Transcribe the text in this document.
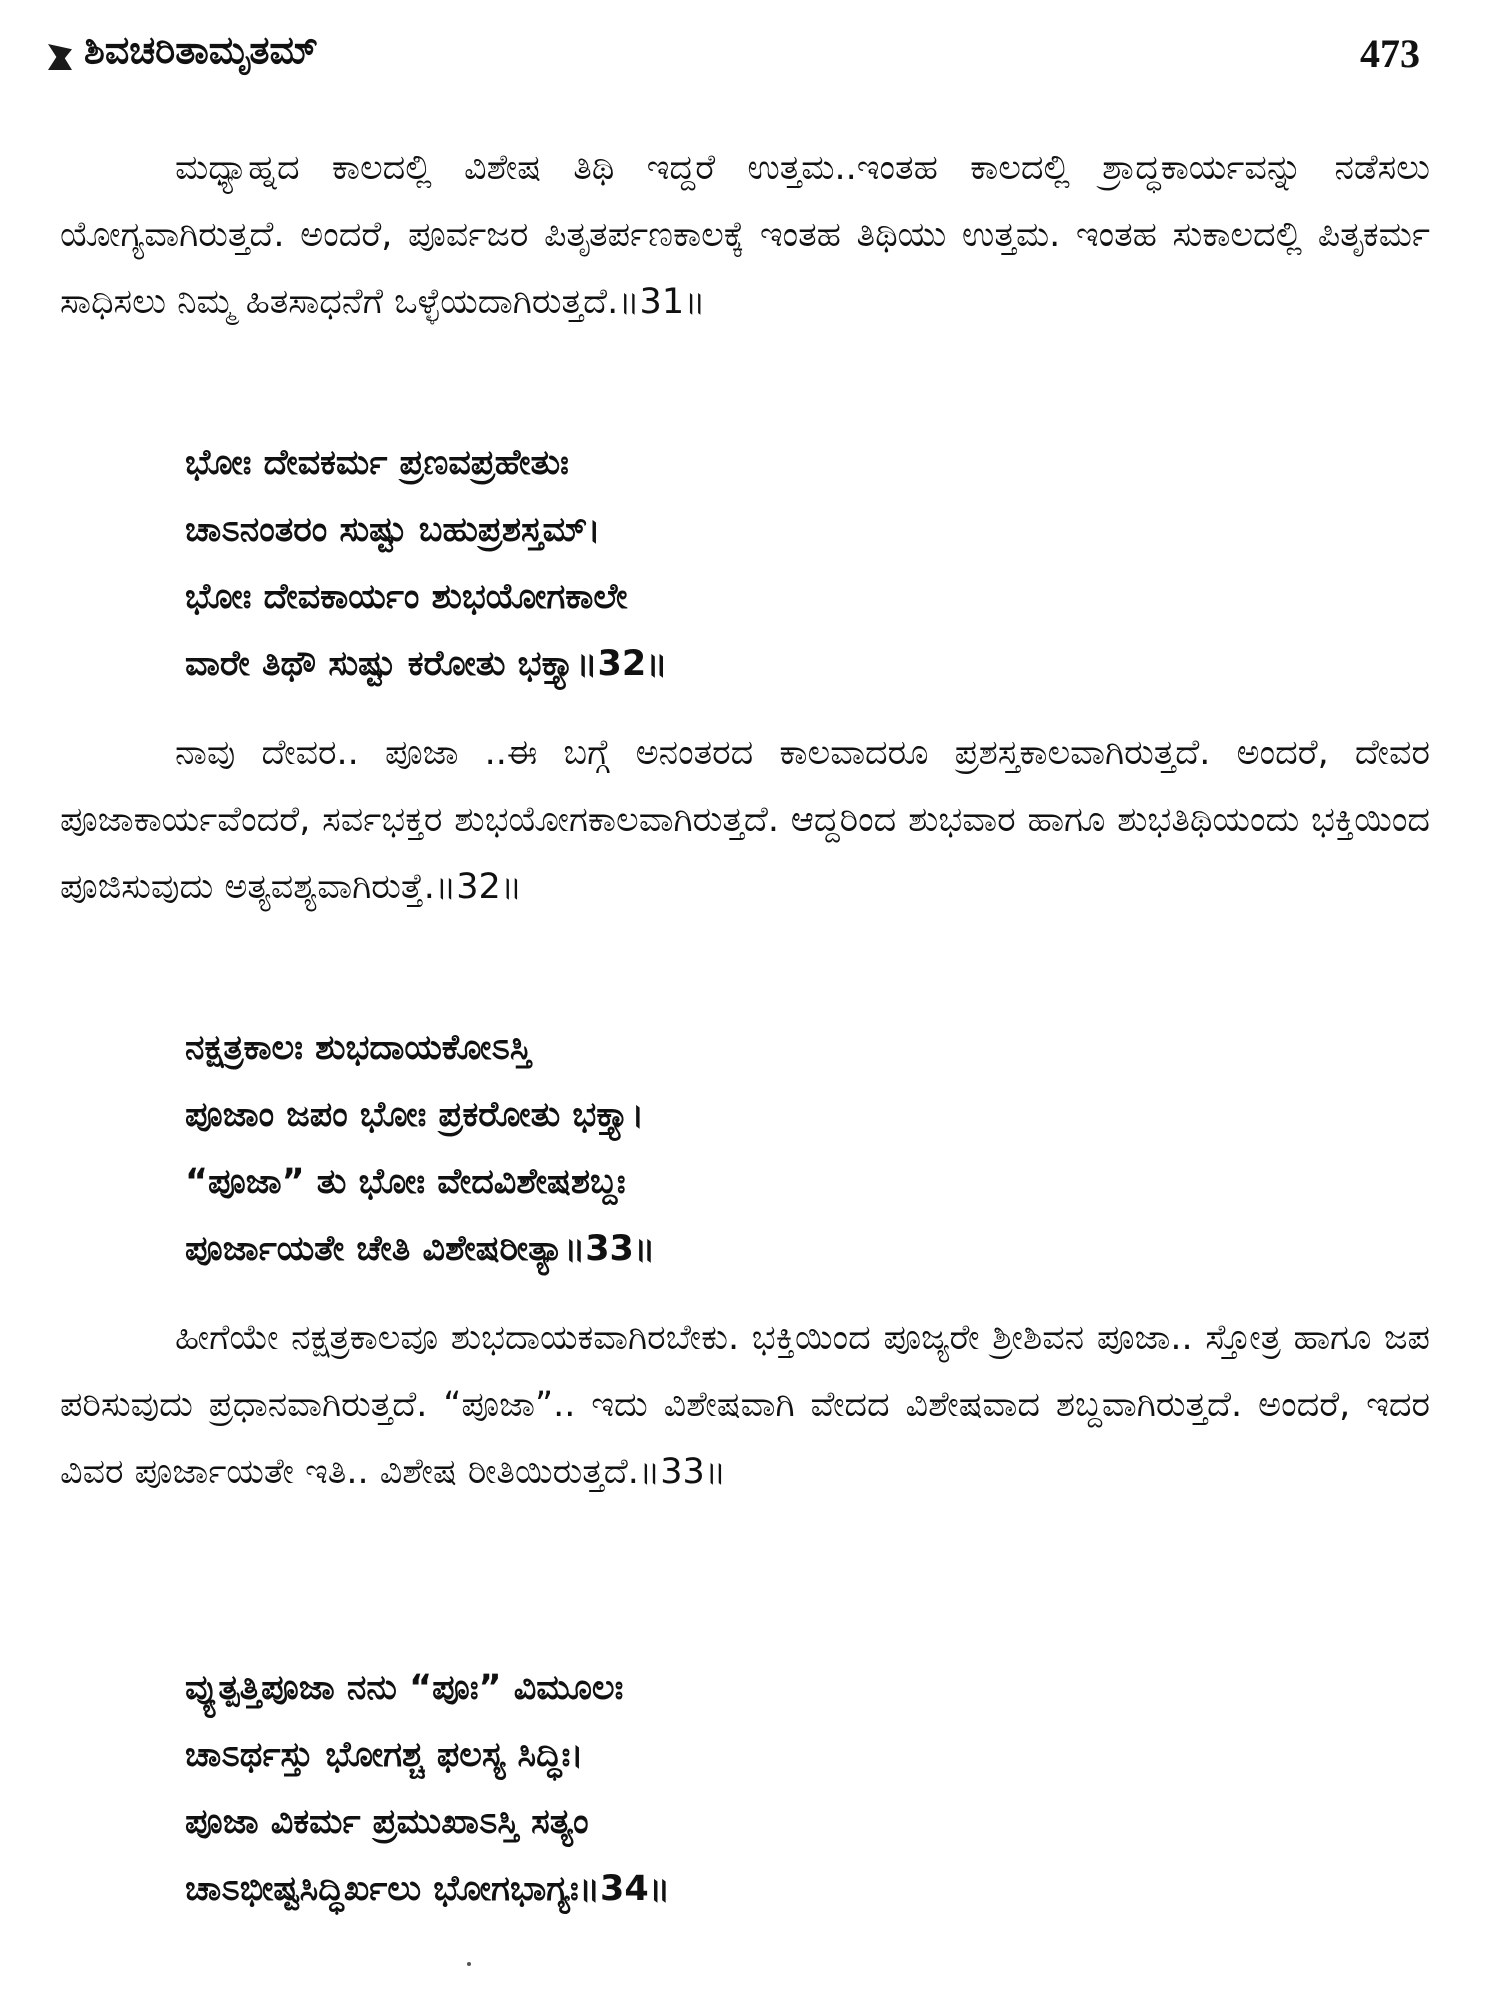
ಶಿವಚರಿತಾಮೃತಮ್	473

ಮಧ್ಯಾಹ್ನದ ಕಾಲದಲ್ಲಿ ವಿಶೇಷ ತಿಥಿ ಇದ್ದರೆ ಉತ್ತಮ..ಇಂತಹ ಕಾಲದಲ್ಲಿ ಶ್ರಾದ್ಧಕಾರ್ಯವನ್ನು ನಡೆಸಲು ಯೋಗ್ಯವಾಗಿರುತ್ತದೆ. ಅಂದರೆ, ಪೂರ್ವಜರ ಪಿತೃತರ್ಪಣಕಾಲಕ್ಕೆ ಇಂತಹ ತಿಥಿಯು ಉತ್ತಮ. ಇಂತಹ ಸುಕಾಲದಲ್ಲಿ ಪಿತೃಕರ್ಮ ಸಾಧಿಸಲು ನಿಮ್ಮ ಹಿತಸಾಧನೆಗೆ ಒಳ್ಳೆಯದಾಗಿರುತ್ತದೆ.॥31॥

ಭೋಃ ದೇವಕರ್ಮ ಪ್ರಣವಪ್ರಹೇತುಃ
ಚಾಽನಂತರಂ ಸುಷ್ಟು ಬಹುಪ್ರಶಸ್ತಮ್।
ಭೋಃ ದೇವಕಾರ್ಯಂ ಶುಭಯೋಗಕಾಲೇ
ವಾರೇ ತಿಥೌ ಸುಷ್ಟು ಕರೋತು ಭಕ್ತ್ಯಾ॥32॥

ನಾವು ದೇವರ.. ಪೂಜಾ ..ಈ ಬಗ್ಗೆ ಅನಂತರದ ಕಾಲವಾದರೂ ಪ್ರಶಸ್ತಕಾಲವಾಗಿರುತ್ತದೆ. ಅಂದರೆ, ದೇವರ ಪೂಜಾಕಾರ್ಯವೆಂದರೆ, ಸರ್ವಭಕ್ತರ ಶುಭಯೋಗಕಾಲವಾಗಿರುತ್ತದೆ. ಆದ್ದರಿಂದ ಶುಭವಾರ ಹಾಗೂ ಶುಭತಿಥಿಯಂದು ಭಕ್ತಿಯಿಂದ ಪೂಜಿಸುವುದು ಅತ್ಯವಶ್ಯವಾಗಿರುತ್ತೆ.॥32॥

ನಕ್ಷತ್ರಕಾಲಃ ಶುಭದಾಯಕೋಽಸ್ತಿ
ಪೂಜಾಂ ಜಪಂ ಭೋಃ ಪ್ರಕರೋತು ಭಕ್ತ್ಯಾ।
“ಪೂಜಾ” ತು ಭೋಃ ವೇದವಿಶೇಷಶಬ್ದಃ
ಪೂರ್ಜಾಯತೇ ಚೇತಿ ವಿಶೇಷರೀತ್ಯಾ॥33॥

ಹೀಗೆಯೇ ನಕ್ಷತ್ರಕಾಲವೂ ಶುಭದಾಯಕವಾಗಿರಬೇಕು. ಭಕ್ತಿಯಿಂದ ಪೂಜ್ಯರೇ ಶ್ರೀಶಿವನ ಪೂಜಾ.. ಸ್ತೋತ್ರ ಹಾಗೂ ಜಪ ಪರಿಸುವುದು ಪ್ರಧಾನವಾಗಿರುತ್ತದೆ. “ಪೂಜಾ”.. ಇದು ವಿಶೇಷವಾಗಿ ವೇದದ ವಿಶೇಷವಾದ ಶಬ್ದವಾಗಿರುತ್ತದೆ. ಅಂದರೆ, ಇದರ ವಿವರ ಪೂರ್ಜಾಯತೇ ಇತಿ.. ವಿಶೇಷ ರೀತಿಯಿರುತ್ತದೆ.॥33॥

ವ್ಯುತ್ಪತ್ತಿಪೂಜಾ ನನು “ಪೂಃ” ವಿಮೂಲಃ
ಚಾಽರ್ಥಸ್ತು ಭೋಗಶ್ಚ ಫಲಸ್ಯ ಸಿದ್ಧಿಃ।
ಪೂಜಾ ವಿಕರ್ಮ ಪ್ರಮುಖಾಽಸ್ತಿ ಸತ್ಯಂ
ಚಾಽಭೀಷ್ಟಸಿದ್ಧಿರ್ಖಲು ಭೋಗಭಾಗ್ಯಃ॥34॥
